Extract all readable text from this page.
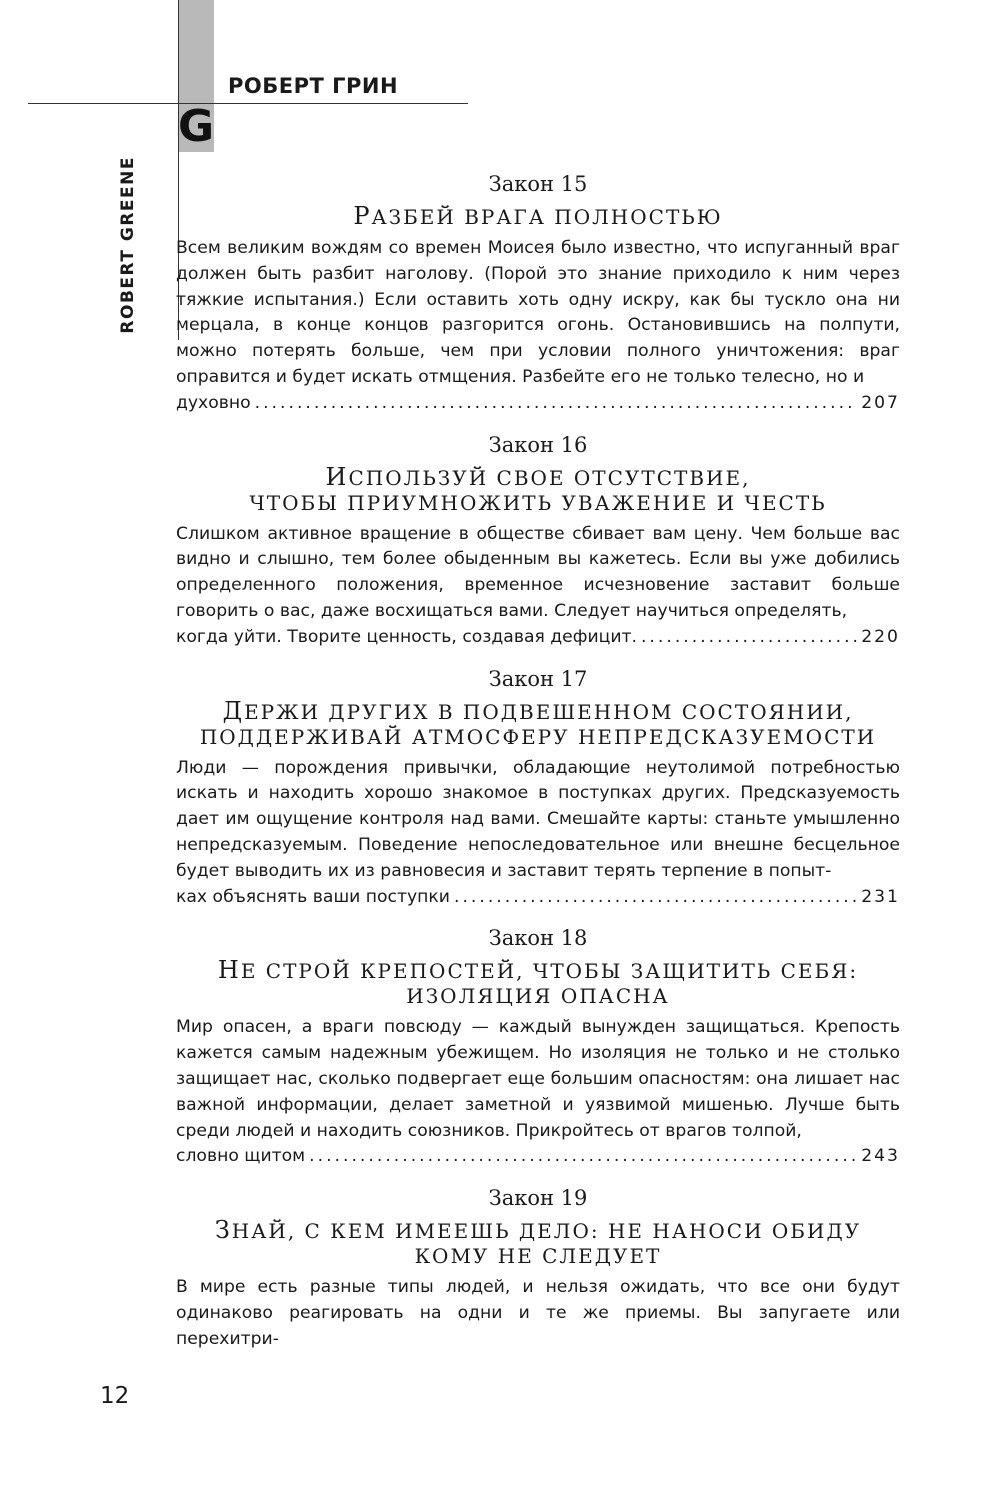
РОБЕРТ ГРИН
G
ROBERT GREENE	Закон 15

РАЗБЕЙ ВРАГА ПОЛНОСТЬЮ

Всем великим вождям со времен Моисея было известно, что испуганный враг должен быть разбит наголову. (Порой это знание приходило к ним через тяжкие испытания.) Если оставить хоть одну искру, как бы тускло она ни мерцала, в конце концов разгорится огонь. Остановившись на полпути, можно потерять больше, чем при условии полного уничтожения: враг оправится и будет искать отмщения. Разбейте его не только телесно, но и
духовно .....	207

Закон 16

ИСПОЛЬЗУЙ СВОЕ ОТСУТСТВИЕ,

ЧТОБЫ ПРИУМНОЖИТЬ УВАЖЕНИЕ И ЧЕСТЬ

Слишком активное вращение в обществе сбивает вам цену. Чем больше вас видно и слышно, тем более обыденным вы кажетесь. Если вы уже добились определенного положения, временное исчезновение заставит больше говорить о вас, даже восхищаться вами. Следует научиться определять,
когда уйти. Творите ценность, создавая дефицит. .....	220

Закон 17

ДЕРЖИ ДРУГИХ В ПОДВЕШЕННОМ СОСТОЯНИИ,

ПОДДЕРЖИВАЙ АТМОСФЕРУ НЕПРЕДСКАЗУЕМОСТИ

Люди — порождения привычки, обладающие неутолимой потребностью искать и находить хорошо знакомое в поступках других. Предсказуемость дает им ощущение контроля над вами. Смешайте карты: станьте умышленно непредсказуемым. Поведение непоследовательное или внешне бесцельное будет выводить их из равновесия и заставит терять терпение в попыт-
ках объяснять ваши поступки .....	231

Закон 18

НЕ СТРОЙ КРЕПОСТЕЙ, ЧТОБЫ ЗАЩИТИТЬ СЕБЯ:

ИЗОЛЯЦИЯ ОПАСНА

Мир опасен, а враги повсюду — каждый вынужден защищаться. Крепость кажется самым надежным убежищем. Но изоляция не только и не столько защищает нас, сколько подвергает еще большим опасностям: она лишает нас важной информации, делает заметной и уязвимой мишенью. Лучше быть среди людей и находить союзников. Прикройтесь от врагов толпой,
словно щитом .....	243

Закон 19

ЗНАЙ, С КЕМ ИМЕЕШЬ ДЕЛО: НЕ НАНОСИ ОБИДУ

КОМУ НЕ СЛЕДУЕТ

В мире есть разные типы людей, и нельзя ожидать, что все они будут одинаково реагировать на одни и те же приемы. Вы запугаете или перехитри-
12
